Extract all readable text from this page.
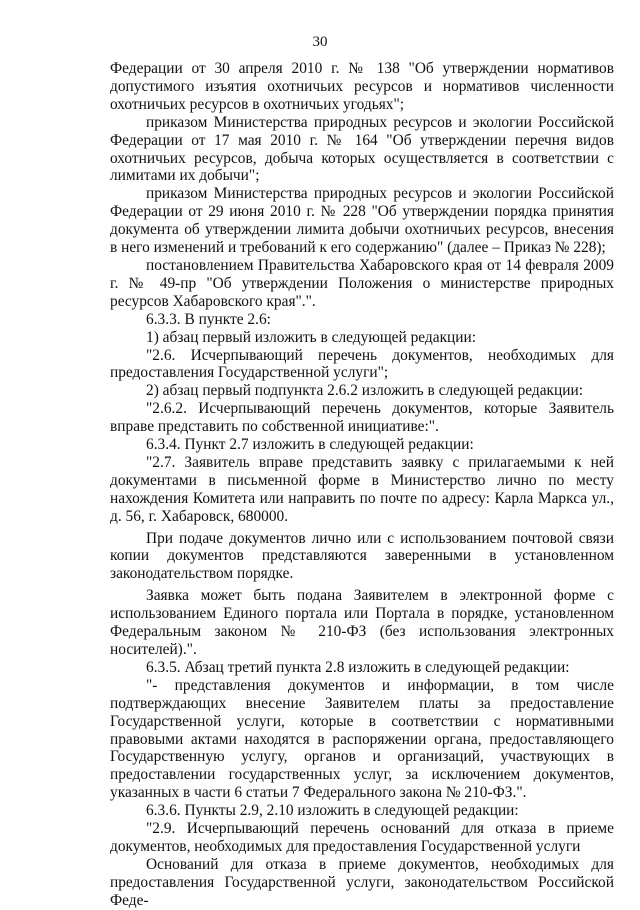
30

Федерации от 30 апреля 2010 г. № 138 "Об утверждении нормативов допустимого изъятия охотничьих ресурсов и нормативов численности охотничьих ресурсов в охотничьих угодьях";

приказом Министерства природных ресурсов и экологии Российской Федерации от 17 мая 2010 г. № 164 "Об утверждении перечня видов охотничьих ресурсов, добыча которых осуществляется в соответствии с лимитами их добычи";

приказом Министерства природных ресурсов и экологии Российской Федерации от 29 июня 2010 г. № 228 "Об утверждении порядка принятия документа об утверждении лимита добычи охотничьих ресурсов, внесения в него изменений и требований к его содержанию" (далее – Приказ № 228);

постановлением Правительства Хабаровского края от 14 февраля 2009 г. № 49-пр "Об утверждении Положения о министерстве природных ресурсов Хабаровского края".".

6.3.3. В пункте 2.6:

1) абзац первый изложить в следующей редакции:

"2.6. Исчерпывающий перечень документов, необходимых для предоставления Государственной услуги";

2) абзац первый подпункта 2.6.2 изложить в следующей редакции:

"2.6.2. Исчерпывающий перечень документов, которые Заявитель вправе представить по собственной инициативе:".

6.3.4. Пункт 2.7 изложить в следующей редакции:

"2.7. Заявитель вправе представить заявку с прилагаемыми к ней документами в письменной форме в Министерство лично по месту нахождения Комитета или направить по почте по адресу: Карла Маркса ул., д. 56, г. Хабаровск, 680000.

При подаче документов лично или с использованием почтовой связи копии документов представляются заверенными в установленном законодательством порядке.

Заявка может быть подана Заявителем в электронной форме с использованием Единого портала или Портала в порядке, установленном Федеральным законом № 210-ФЗ (без использования электронных носителей).".

6.3.5. Абзац третий пункта 2.8 изложить в следующей редакции:

"- представления документов и информации, в том числе подтверждающих внесение Заявителем платы за предоставление Государственной услуги, которые в соответствии с нормативными правовыми актами находятся в распоряжении органа, предоставляющего Государственную услугу, органов и организаций, участвующих в предоставлении государственных услуг, за исключением документов, указанных в части 6 статьи 7 Федерального закона № 210-ФЗ.".

6.3.6. Пункты 2.9, 2.10 изложить в следующей редакции:

"2.9. Исчерпывающий перечень оснований для отказа в приеме документов, необходимых для предоставления Государственной услуги

Оснований для отказа в приеме документов, необходимых для предоставления Государственной услуги, законодательством Российской Феде-
